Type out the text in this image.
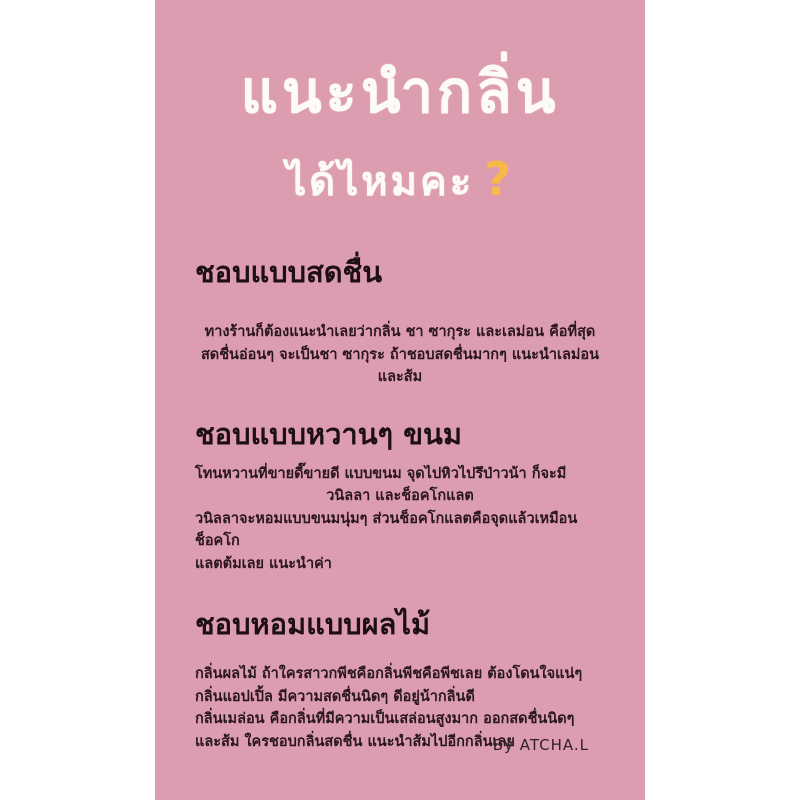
แนะนำกลิ่น
ได้ไหมคะ ?
ชอบแบบสดชื่น
ทางร้านก็ต้องแนะนำเลยว่ากลิ่น ชา ซากุระ และเลม่อน คือที่สุด
สดชื่นอ่อนๆ จะเป็นชา ซากุระ ถ้าชอบสดชื่นมากๆ แนะนำเลม่อน และส้ม
ชอบแบบหวานๆ ขนม
โทนหวานที่ขายดี๊ขายดี แบบขนม จุดไปหิวไปรึป่าวน้า ก็จะมี
วนิลลา และช็อคโกแลต
วนิลลาจะหอมแบบขนมนุ่มๆ ส่วนช็อคโกแลตคือจุดแล้วเหมือนช็อคโก
แลตต้มเลย แนะนำค่า
ชอบหอมแบบผลไม้
กลิ่นผลไม้ ถ้าใครสาวกพีชคือกลิ่นพีชคือพีชเลย ต้องโดนใจแน่ๆ
กลิ่นแอปเปิ้ล มีความสดชื่นนิดๆ ดีอยู่น้ากลิ่นดี
กลิ่นเมล่อน คือกลิ่นที่มีความเป็นเสล่อนสูงมาก ออกสดชื่นนิดๆ
และส้ม ใครชอบกลิ่นสดชื่น แนะนำส้มไปอีกกลิ่นเลย
By ATCHA.L
